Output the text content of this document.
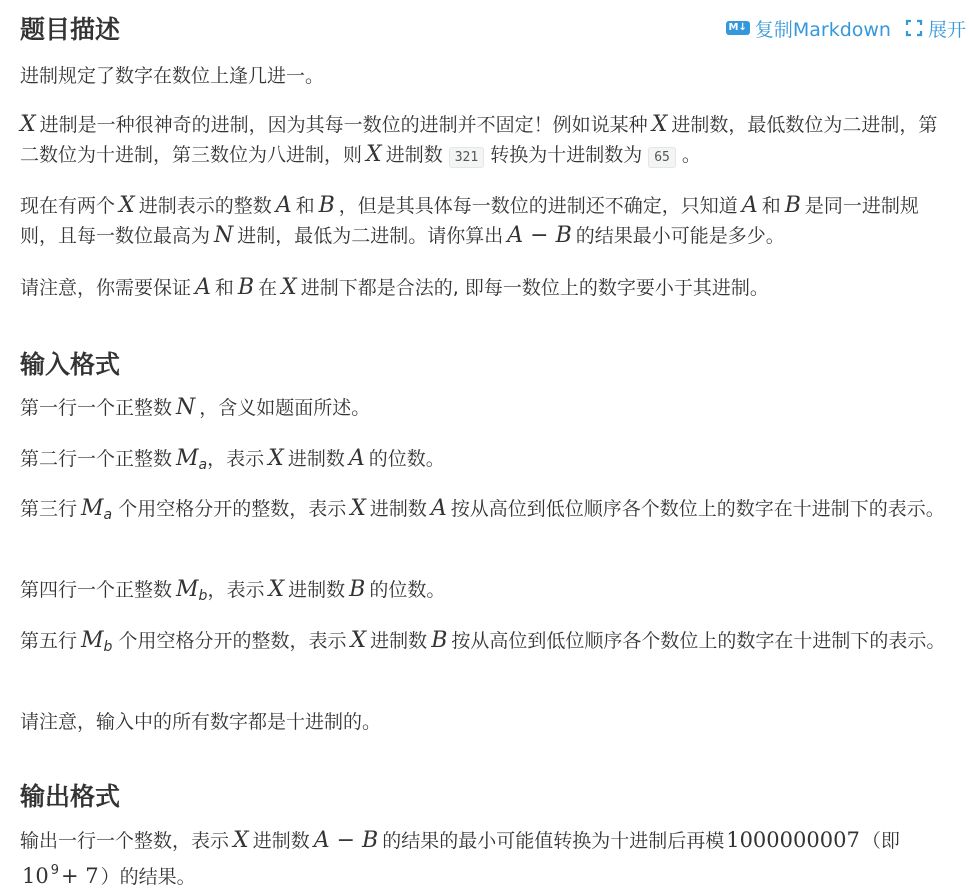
题目描述	M↓ 复制Markdown 展开

进制规定了数字在数位上逢几进一。

X 进制是一种很神奇的进制，因为其每一数位的进制并不固定！例如说某种 X 进制数，最低数位为二进制，第二数位为十进制，第三数位为八进制，则 X 进制数 321 转换为十进制数为 65 。

现在有两个 X 进制表示的整数 A 和 B ，但是其具体每一数位的进制还不确定，只知道 A 和 B 是同一进制规则，且每一数位最高为 N 进制，最低为二进制。请你算出 A − B 的结果最小可能是多少。

请注意，你需要保证 A 和 B 在 X 进制下都是合法的, 即每一数位上的数字要小于其进制。

输入格式

第一行一个正整数 N ，含义如题面所述。

第二行一个正整数 $M_a$，表示 X 进制数 A 的位数。

第三行 $M_a$ 个用空格分开的整数，表示 X 进制数 A 按从高位到低位顺序各个数位上的数字在十进制下的表示。

第四行一个正整数 $M_b$，表示 X 进制数 B 的位数。

第五行 $M_b$ 个用空格分开的整数，表示 X 进制数 B 按从高位到低位顺序各个数位上的数字在十进制下的表示。

请注意，输入中的所有数字都是十进制的。

输出格式

输出一行一个整数，表示 X 进制数 A − B 的结果的最小可能值转换为十进制后再模1000000007 （即10 $^9$+ 7 ）的结果。
